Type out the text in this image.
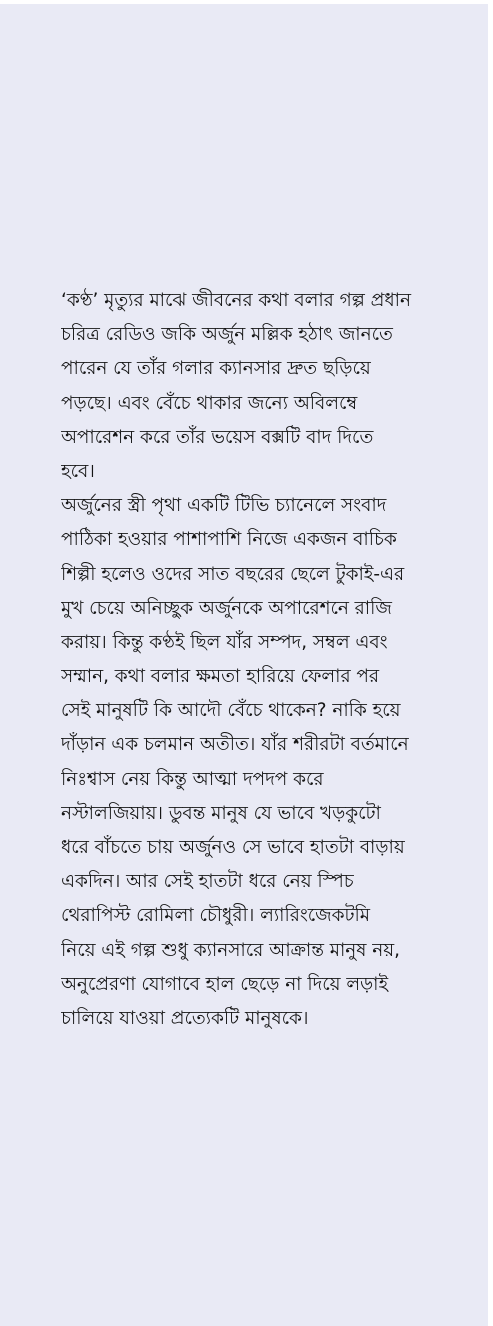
‘কণ্ঠ’ মৃত্যুর মাঝে জীবনের কথা বলার গল্প প্রধান
চরিত্র রেডিও জকি অর্জুন মল্লিক হঠাৎ জানতে
পারেন যে তাঁর গলার ক্যানসার দ্রুত ছড়িয়ে
পড়ছে। এবং বেঁচে থাকার জন্যে অবিলম্বে
অপারেশন করে তাঁর ভয়েস বক্সটি বাদ দিতে
হবে।
অর্জুনের স্ত্রী পৃথা একটি টিভি চ্যানেলে সংবাদ
পাঠিকা হওয়ার পাশাপাশি নিজে একজন বাচিক
শিল্পী হলেও ওদের সাত বছরের ছেলে টুকাই-এর
মুখ চেয়ে অনিচ্ছুক অর্জুনকে অপারেশনে রাজি
করায়। কিন্তু কণ্ঠই ছিল যাঁর সম্পদ, সম্বল এবং
সম্মান, কথা বলার ক্ষমতা হারিয়ে ফেলার পর
সেই মানুষটি কি আদৌ বেঁচে থাকেন? নাকি হয়ে
দাঁড়ান এক চলমান অতীত। যাঁর শরীরটা বর্তমানে
নিঃশ্বাস নেয় কিন্তু আত্মা দপদপ করে
নস্টালজিয়ায়। ডুবন্ত মানুষ যে ভাবে খড়কুটো
ধরে বাঁচতে চায় অর্জুনও সে ভাবে হাতটা বাড়ায়
একদিন। আর সেই হাতটা ধরে নেয় স্পিচ
থেরাপিস্ট রোমিলা চৌধুরী। ল্যারিংজেকটমি
নিয়ে এই গল্প শুধু ক্যানসারে আক্রান্ত মানুষ নয়,
অনুপ্রেরণা যোগাবে হাল ছেড়ে না দিয়ে লড়াই
চালিয়ে যাওয়া প্রত্যেকটি মানুষকে।
